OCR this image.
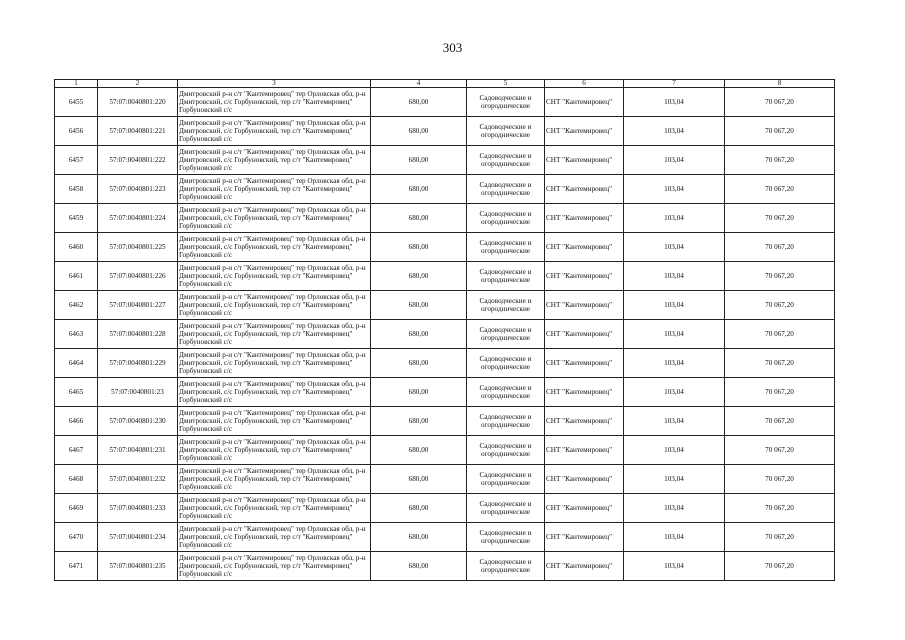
303
1	2	3	4	5	6	7	8
6455	57:07:0040801:220	Дмитровский р-н с/т "Кантемировец" тер Орловская обл, р-н
Дмитровский, с/с Горбуновский, тер с/т "Кантемировец"
Горбуновский с/с	680,00	Садоводческие и
огороднические	СНТ "Кантемировец"	103,04	70 067,20
6456	57:07:0040801:221	Дмитровский р-н с/т "Кантемировец" тер Орловская обл, р-н
Дмитровский, с/с Горбуновский, тер с/т "Кантемировец"
Горбуновский с/с	680,00	Садоводческие и
огороднические	СНТ "Кантемировец"	103,04	70 067,20
6457	57:07:0040801:222	Дмитровский р-н с/т "Кантемировец" тер Орловская обл, р-н
Дмитровский, с/с Горбуновский, тер с/т "Кантемировец"
Горбуновский с/с	680,00	Садоводческие и
огороднические	СНТ "Кантемировец"	103,04	70 067,20
6458	57:07:0040801:223	Дмитровский р-н с/т "Кантемировец" тер Орловская обл, р-н
Дмитровский, с/с Горбуновский, тер с/т "Кантемировец"
Горбуновский с/с	680,00	Садоводческие и
огороднические	СНТ "Кантемировец"	103,04	70 067,20
6459	57:07:0040801:224	Дмитровский р-н с/т "Кантемировец" тер Орловская обл, р-н
Дмитровский, с/с Горбуновский, тер с/т "Кантемировец"
Горбуновский с/с	680,00	Садоводческие и
огороднические	СНТ "Кантемировец"	103,04	70 067,20
6460	57:07:0040801:225	Дмитровский р-н с/т "Кантемировец" тер Орловская обл, р-н
Дмитровский, с/с Горбуновский, тер с/т "Кантемировец"
Горбуновский с/с	680,00	Садоводческие и
огороднические	СНТ "Кантемировец"	103,04	70 067,20
6461	57:07:0040801:226	Дмитровский р-н с/т "Кантемировец" тер Орловская обл, р-н
Дмитровский, с/с Горбуновский, тер с/т "Кантемировец"
Горбуновский с/с	680,00	Садоводческие и
огороднические	СНТ "Кантемировец"	103,04	70 067,20
6462	57:07:0040801:227	Дмитровский р-н с/т "Кантемировец" тер Орловская обл, р-н
Дмитровский, с/с Горбуновский, тер с/т "Кантемировец"
Горбуновский с/с	680,00	Садоводческие и
огороднические	СНТ "Кантемировец"	103,04	70 067,20
6463	57:07:0040801:228	Дмитровский р-н с/т "Кантемировец" тер Орловская обл, р-н
Дмитровский, с/с Горбуновский, тер с/т "Кантемировец"
Горбуновский с/с	680,00	Садоводческие и
огороднические	СНТ "Кантемировец"	103,04	70 067,20
6464	57:07:0040801:229	Дмитровский р-н с/т "Кантемировец" тер Орловская обл, р-н
Дмитровский, с/с Горбуновский, тер с/т "Кантемировец"
Горбуновский с/с	680,00	Садоводческие и
огороднические	СНТ "Кантемировец"	103,04	70 067,20
6465	57:07:0040801:23	Дмитровский р-н с/т "Кантемировец" тер Орловская обл, р-н
Дмитровский, с/с Горбуновский, тер с/т "Кантемировец"
Горбуновский с/с	680,00	Садоводческие и
огороднические	СНТ "Кантемировец"	103,04	70 067,20
6466	57:07:0040801:230	Дмитровский р-н с/т "Кантемировец" тер Орловская обл, р-н
Дмитровский, с/с Горбуновский, тер с/т "Кантемировец"
Горбуновский с/с	680,00	Садоводческие и
огороднические	СНТ "Кантемировец"	103,04	70 067,20
6467	57:07:0040801:231	Дмитровский р-н с/т "Кантемировец" тер Орловская обл, р-н
Дмитровский, с/с Горбуновский, тер с/т "Кантемировец"
Горбуновский с/с	680,00	Садоводческие и
огороднические	СНТ "Кантемировец"	103,04	70 067,20
6468	57:07:0040801:232	Дмитровский р-н с/т "Кантемировец" тер Орловская обл, р-н
Дмитровский, с/с Горбуновский, тер с/т "Кантемировец"
Горбуновский с/с	680,00	Садоводческие и
огороднические	СНТ "Кантемировец"	103,04	70 067,20
6469	57:07:0040801:233	Дмитровский р-н с/т "Кантемировец" тер Орловская обл, р-н
Дмитровский, с/с Горбуновский, тер с/т "Кантемировец"
Горбуновский с/с	680,00	Садоводческие и
огороднические	СНТ "Кантемировец"	103,04	70 067,20
6470	57:07:0040801:234	Дмитровский р-н с/т "Кантемировец" тер Орловская обл, р-н
Дмитровский, с/с Горбуновский, тер с/т "Кантемировец"
Горбуновский с/с	680,00	Садоводческие и
огороднические	СНТ "Кантемировец"	103,04	70 067,20
6471	57:07:0040801:235	Дмитровский р-н с/т "Кантемировец" тер Орловская обл, р-н
Дмитровский, с/с Горбуновский, тер с/т "Кантемировец"
Горбуновский с/с	680,00	Садоводческие и
огороднические	СНТ "Кантемировец"	103,04	70 067,20
